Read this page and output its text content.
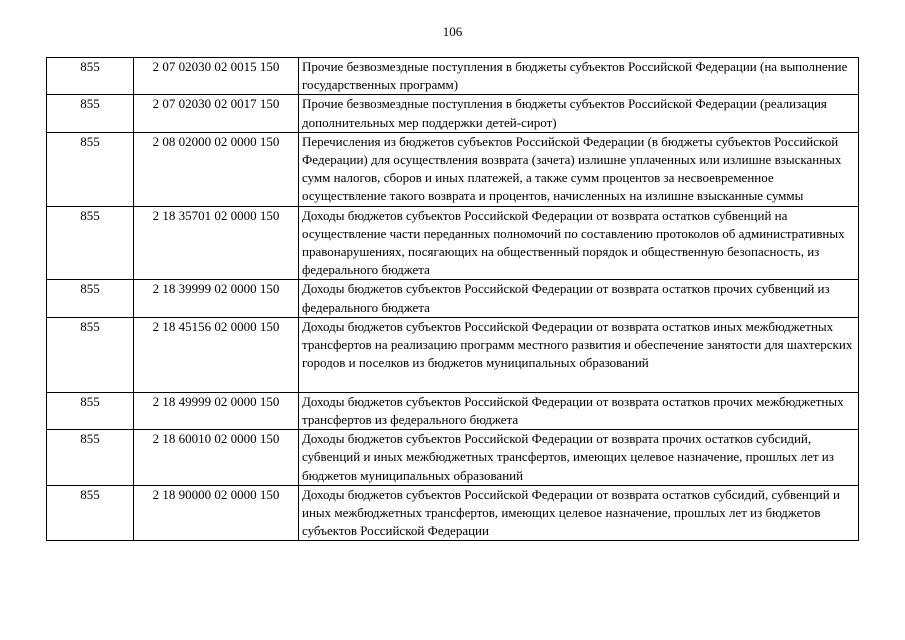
106
855	2 07 02030 02 0015 150	Прочие безвозмездные поступления в бюджеты субъектов Российской Федерации (на выполнение государственных программ)
855	2 07 02030 02 0017 150	Прочие безвозмездные поступления в бюджеты субъектов Российской Федерации (реализация дополнительных мер поддержки детей-сирот)
855	2 08 02000 02 0000 150	Перечисления из бюджетов субъектов Российской Федерации (в бюджеты субъектов Российской Федерации) для осуществления возврата (зачета) излишне уплаченных или излишне взысканных сумм налогов, сборов и иных платежей, а также сумм процентов за несвоевременное осуществление такого возврата и процентов, начисленных на излишне взысканные суммы
855	2 18 35701 02 0000 150	Доходы бюджетов субъектов Российской Федерации от возврата остатков субвенций на осуществление части переданных полномочий по составлению протоколов об административных правонарушениях, посягающих на общественный порядок и общественную безопасность, из федерального бюджета
855	2 18 39999 02 0000 150	Доходы бюджетов субъектов Российской Федерации от возврата остатков прочих субвенций из федерального бюджета
855	2 18 45156 02 0000 150	Доходы бюджетов субъектов Российской Федерации от возврата остатков иных межбюджетных трансфертов на реализацию программ местного развития и обеспечение занятости для шахтерских городов и поселков из бюджетов муниципальных образований
855	2 18 49999 02 0000 150	Доходы бюджетов субъектов Российской Федерации от возврата остатков прочих межбюджетных трансфертов из федерального бюджета
855	2 18 60010 02 0000 150	Доходы бюджетов субъектов Российской Федерации от возврата прочих остатков субсидий, субвенций и иных межбюджетных трансфертов, имеющих целевое назначение, прошлых лет из бюджетов муниципальных образований
855	2 18 90000 02 0000 150	Доходы бюджетов субъектов Российской Федерации от возврата остатков субсидий, субвенций и иных межбюджетных трансфертов, имеющих целевое назначение, прошлых лет из бюджетов субъектов Российской Федерации
